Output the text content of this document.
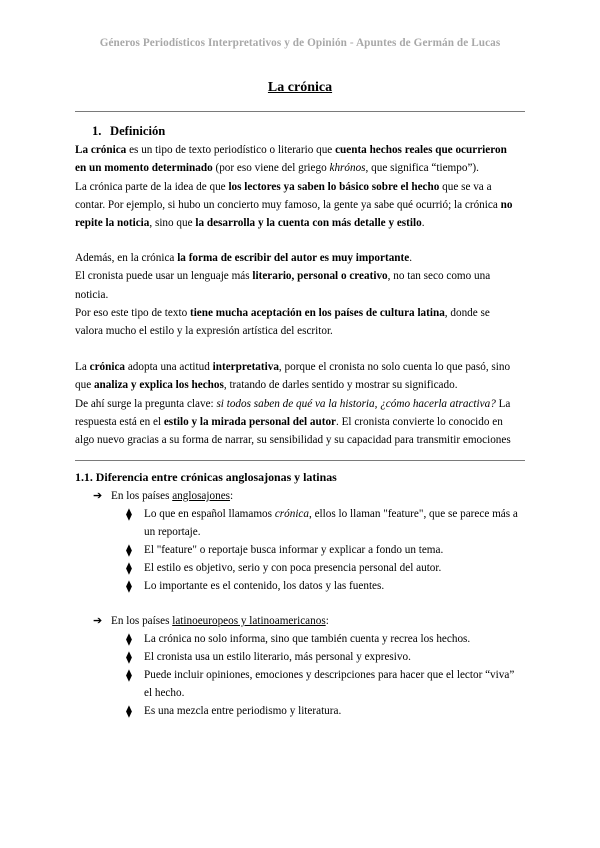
Géneros Periodísticos Interpretativos y de Opinión - Apuntes de Germán de Lucas
La crónica
1. Definición
La crónica es un tipo de texto periodístico o literario que cuenta hechos reales que ocurrieron
en un momento determinado (por eso viene del griego khrónos, que significa “tiempo”).
La crónica parte de la idea de que los lectores ya saben lo básico sobre el hecho que se va a
contar. Por ejemplo, si hubo un concierto muy famoso, la gente ya sabe qué ocurrió; la crónica no
repite la noticia, sino que la desarrolla y la cuenta con más detalle y estilo.
Además, en la crónica la forma de escribir del autor es muy importante.
El cronista puede usar un lenguaje más literario, personal o creativo, no tan seco como una
noticia.
Por eso este tipo de texto tiene mucha aceptación en los países de cultura latina, donde se
valora mucho el estilo y la expresión artística del escritor.
La crónica adopta una actitud interpretativa, porque el cronista no solo cuenta lo que pasó, sino
que analiza y explica los hechos, tratando de darles sentido y mostrar su significado.
De ahí surge la pregunta clave: si todos saben de qué va la historia, ¿cómo hacerla atractiva? La
respuesta está en el estilo y la mirada personal del autor. El cronista convierte lo conocido en
algo nuevo gracias a su forma de narrar, su sensibilidad y su capacidad para transmitir emociones
1.1. Diferencia entre crónicas anglosajonas y latinas
➔ En los países anglosajones:
⧫ Lo que en español llamamos crónica, ellos lo llaman "feature", que se parece más a
un reportaje.
⧫ El "feature" o reportaje busca informar y explicar a fondo un tema.
⧫ El estilo es objetivo, serio y con poca presencia personal del autor.
⧫ Lo importante es el contenido, los datos y las fuentes.
➔ En los países latinoeuropeos y latinoamericanos:
⧫ La crónica no solo informa, sino que también cuenta y recrea los hechos.
⧫ El cronista usa un estilo literario, más personal y expresivo.
⧫ Puede incluir opiniones, emociones y descripciones para hacer que el lector “viva”
el hecho.
⧫ Es una mezcla entre periodismo y literatura.
